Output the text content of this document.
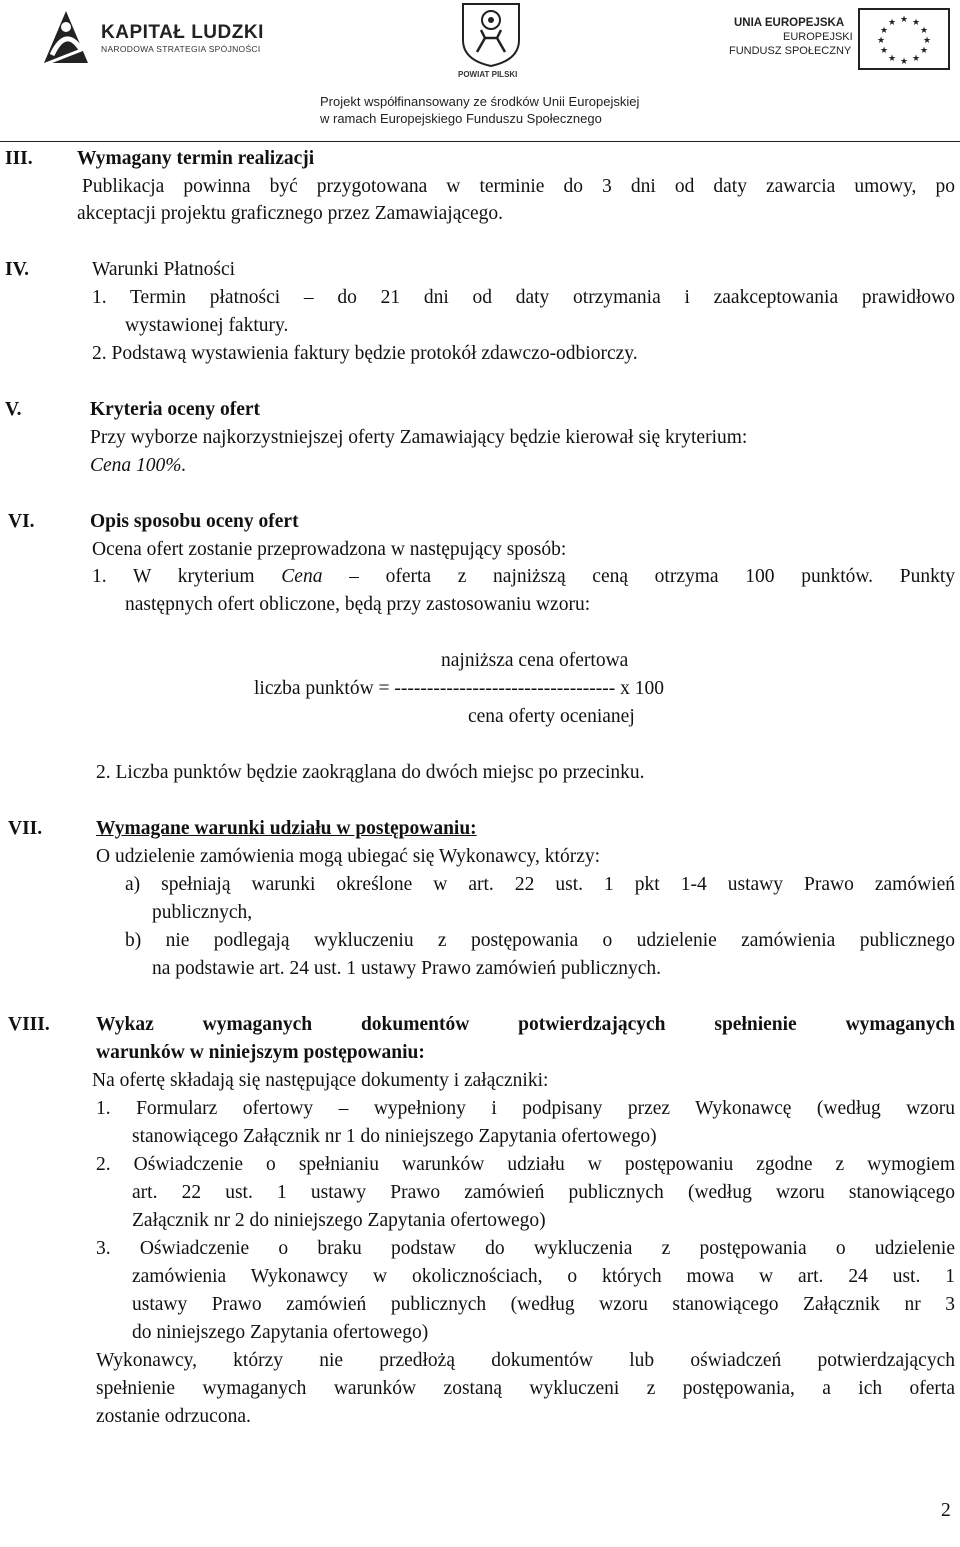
KAPITAŁ LUDZKI
NARODOWA STRATEGIA SPÓJNOŚCI
POWIAT PILSKI
UNIA EUROPEJSKA
EUROPEJSKI
FUNDUSZ SPOŁECZNY
★ ★
★
★
★
★
★
★
★
★
★
★
Projekt współfinansowany ze środków Unii Europejskiej
w ramach Europejskiego Funduszu Społecznego
III. Wymagany termin realizacji
Publikacja powinna być przygotowana w terminie do 3 dni od daty zawarcia umowy, po
akceptacji projektu graficznego przez Zamawiającego.
IV.	Warunki Płatności
1. Termin płatności – do 21 dni od daty otrzymania i zaakceptowania prawidłowo
wystawionej faktury.
2. Podstawą wystawienia faktury będzie protokół zdawczo-odbiorczy.
V.	Kryteria oceny ofert
Przy wyborze najkorzystniejszej oferty Zamawiający będzie kierował się kryterium:
Cena 100%.
VI.	Opis sposobu oceny ofert
Ocena ofert zostanie przeprowadzona w następujący sposób:
1. W kryterium Cena – oferta z najniższą ceną otrzyma 100 punktów. Punkty
następnych ofert obliczone, będą przy zastosowaniu wzoru:
najniższa cena ofertowa
liczba punktów = ---------------------------------- x 100
cena oferty ocenianej
2. Liczba punktów będzie zaokrąglana do dwóch miejsc po przecinku.
VII.	Wymagane warunki udziału w postępowaniu:
O udzielenie zamówienia mogą ubiegać się Wykonawcy, którzy:
a) spełniają warunki określone w art. 22 ust. 1 pkt 1-4 ustawy Prawo zamówień
publicznych,
b) nie podlegają wykluczeniu z postępowania o udzielenie zamówienia publicznego
na podstawie art. 24 ust. 1 ustawy Prawo zamówień publicznych.
VIII. Wykaz wymaganych dokumentów potwierdzających spełnienie wymaganych
warunków w niniejszym postępowaniu:
Na ofertę składają się następujące dokumenty i załączniki:
1. Formularz ofertowy – wypełniony i podpisany przez Wykonawcę (według wzoru
stanowiącego Załącznik nr 1 do niniejszego Zapytania ofertowego)
2. Oświadczenie o spełnianiu warunków udziału w postępowaniu zgodne z wymogiem
art. 22 ust. 1 ustawy Prawo zamówień publicznych (według wzoru stanowiącego
Załącznik nr 2 do niniejszego Zapytania ofertowego)
3. Oświadczenie o braku podstaw do wykluczenia z postępowania o udzielenie
zamówienia Wykonawcy w okolicznościach, o których mowa w art. 24 ust. 1
ustawy Prawo zamówień publicznych (według wzoru stanowiącego Załącznik nr 3
do niniejszego Zapytania ofertowego)
Wykonawcy, którzy nie przedłożą dokumentów lub oświadczeń potwierdzających
spełnienie wymaganych warunków zostaną wykluczeni z postępowania, a ich oferta
zostanie odrzucona.
2
